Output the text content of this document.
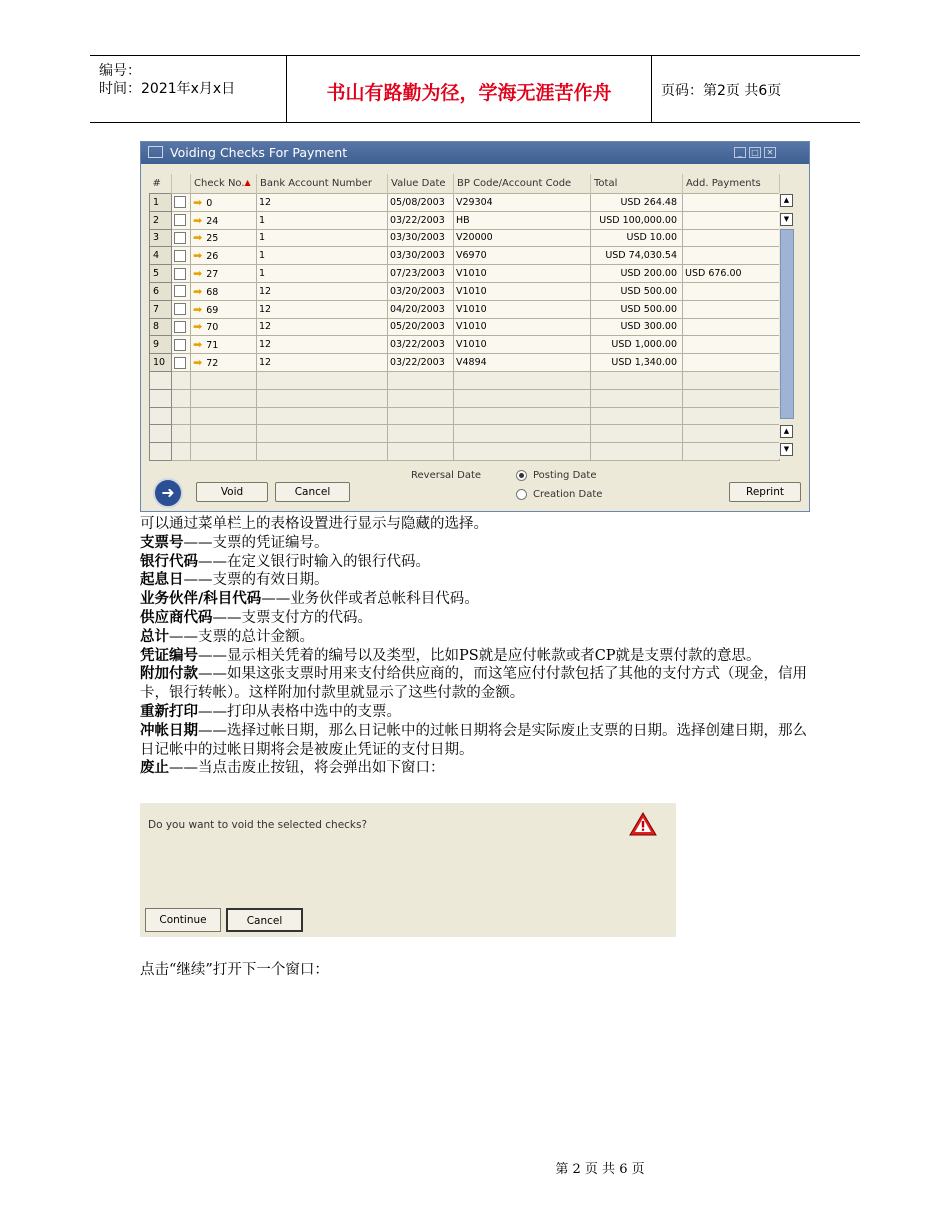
编号：
时间：2021年x月x日	书山有路勤为径，学海无涯苦作舟	页码：第2页 共6页
Voiding Checks For Payment	_	□ ✕
#		Check No.▲	Bank Account Number	Value Date	BP Code/Account Code	Total	Add. Payments
1		➡ 0	12	05/08/2003	V29304	USD 264.48	
2		➡ 24	1	03/22/2003	HB	USD 100,000.00	
3		➡ 25	1	03/30/2003	V20000	USD 10.00	
4		➡ 26	1	03/30/2003	V6970	USD 74,030.54	
5		➡ 27	1	07/23/2003	V1010	USD 200.00	USD 676.00
6		➡ 68	12	03/20/2003	V1010	USD 500.00	
7		➡ 69	12	04/20/2003	V1010	USD 500.00	
8		➡ 70	12	05/20/2003	V1010	USD 300.00	
9		➡ 71	12	03/22/2003	V1010	USD 1,000.00	
10		➡ 72	12	03/22/2003	V4894	USD 1,340.00	

▲
▼
▲
▼
➜	Void	Cancel
Reversal Date	Posting Date
Creation Date	Reprint

可以通过菜单栏上的表格设置进行显示与隐藏的选择。

支票号——支票的凭证编号。

银行代码——在定义银行时输入的银行代码。

起息日——支票的有效日期。

业务伙伴/科目代码——业务伙伴或者总帐科目代码。

供应商代码——支票支付方的代码。

总计——支票的总计金额。

凭证编号——显示相关凭着的编号以及类型，比如PS就是应付帐款或者CP就是支票付款的意思。

附加付款——如果这张支票时用来支付给供应商的，而这笔应付付款包括了其他的支付方式（现金，信用卡，银行转帐）。这样附加付款里就显示了这些付款的金额。

重新打印——打印从表格中选中的支票。

冲帐日期——选择过帐日期，那么日记帐中的过帐日期将会是实际废止支票的日期。选择创建日期，那么日记帐中的过帐日期将会是被废止凭证的支付日期。

废止——当点击废止按钮，将会弹出如下窗口：

Do you want to void the selected checks?
Continue	Cancel
点击“继续”打开下一个窗口：
第 2 页 共 6 页
